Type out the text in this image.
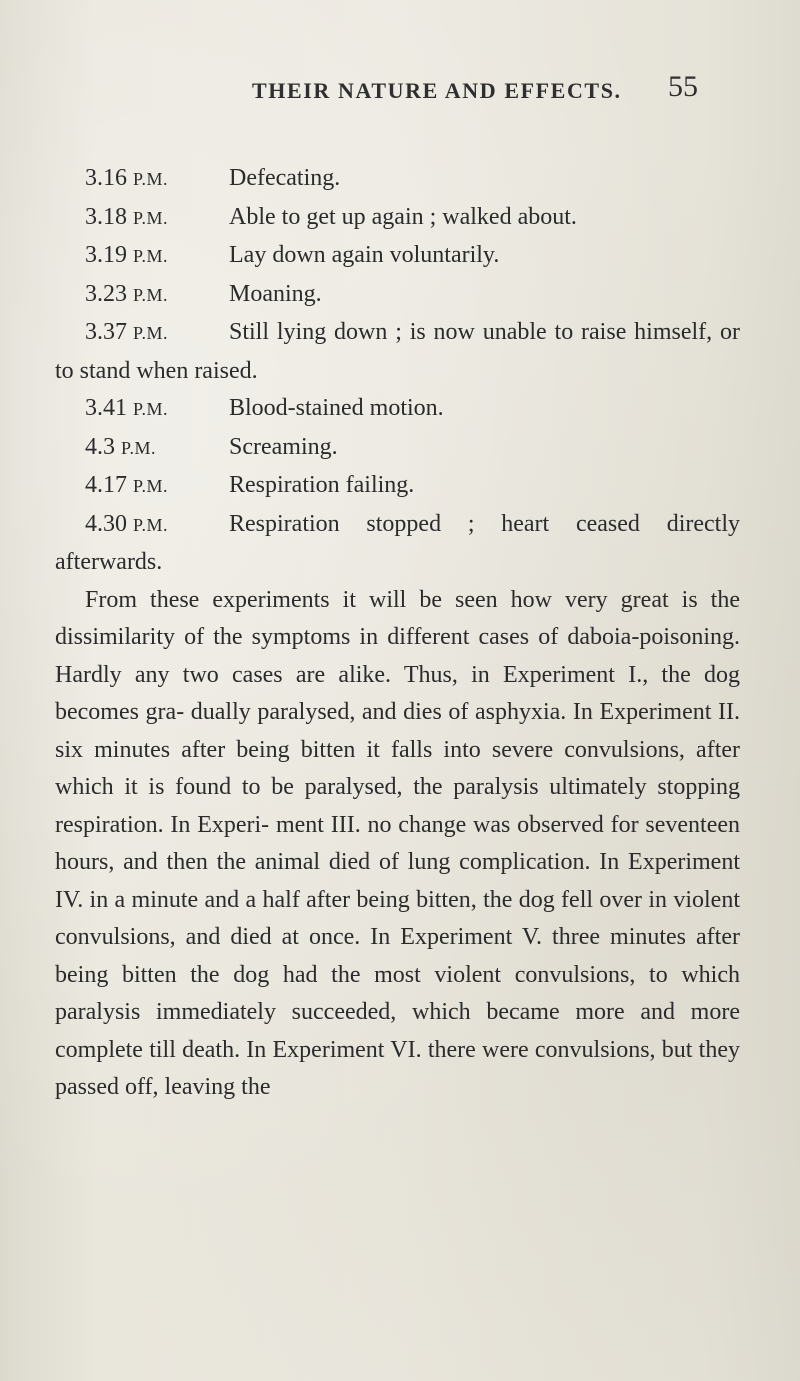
THEIR NATURE AND EFFECTS. 55

3.16 P.M.	Defecating.

3.18 P.M.	Able to get up again ; walked about.

3.19 P.M.	Lay down again voluntarily.

3.23 P.M.	Moaning.

3.37 P.M.	Still lying down ; is now unable to raise himself, or to stand when raised.

3.41 P.M.	Blood-stained motion.

4.3 P.M.	Screaming.

4.17 P.M.	Respiration failing.

4.30 P.M.	Respiration stopped ; heart ceased directly afterwards.

From these experiments it will be seen how very great is the dissimilarity of the symptoms in different cases of daboia-poisoning. Hardly any two cases are alike. Thus, in Experiment I., the dog becomes gra- dually paralysed, and dies of asphyxia. In Experiment II. six minutes after being bitten it falls into severe convulsions, after which it is found to be paralysed, the paralysis ultimately stopping respiration. In Experi- ment III. no change was observed for seventeen hours, and then the animal died of lung complication. In Experiment IV. in a minute and a half after being bitten, the dog fell over in violent convulsions, and died at once. In Experiment V. three minutes after being bitten the dog had the most violent convulsions, to which paralysis immediately succeeded, which became more and more complete till death. In Experiment VI. there were convulsions, but they passed off, leaving the
